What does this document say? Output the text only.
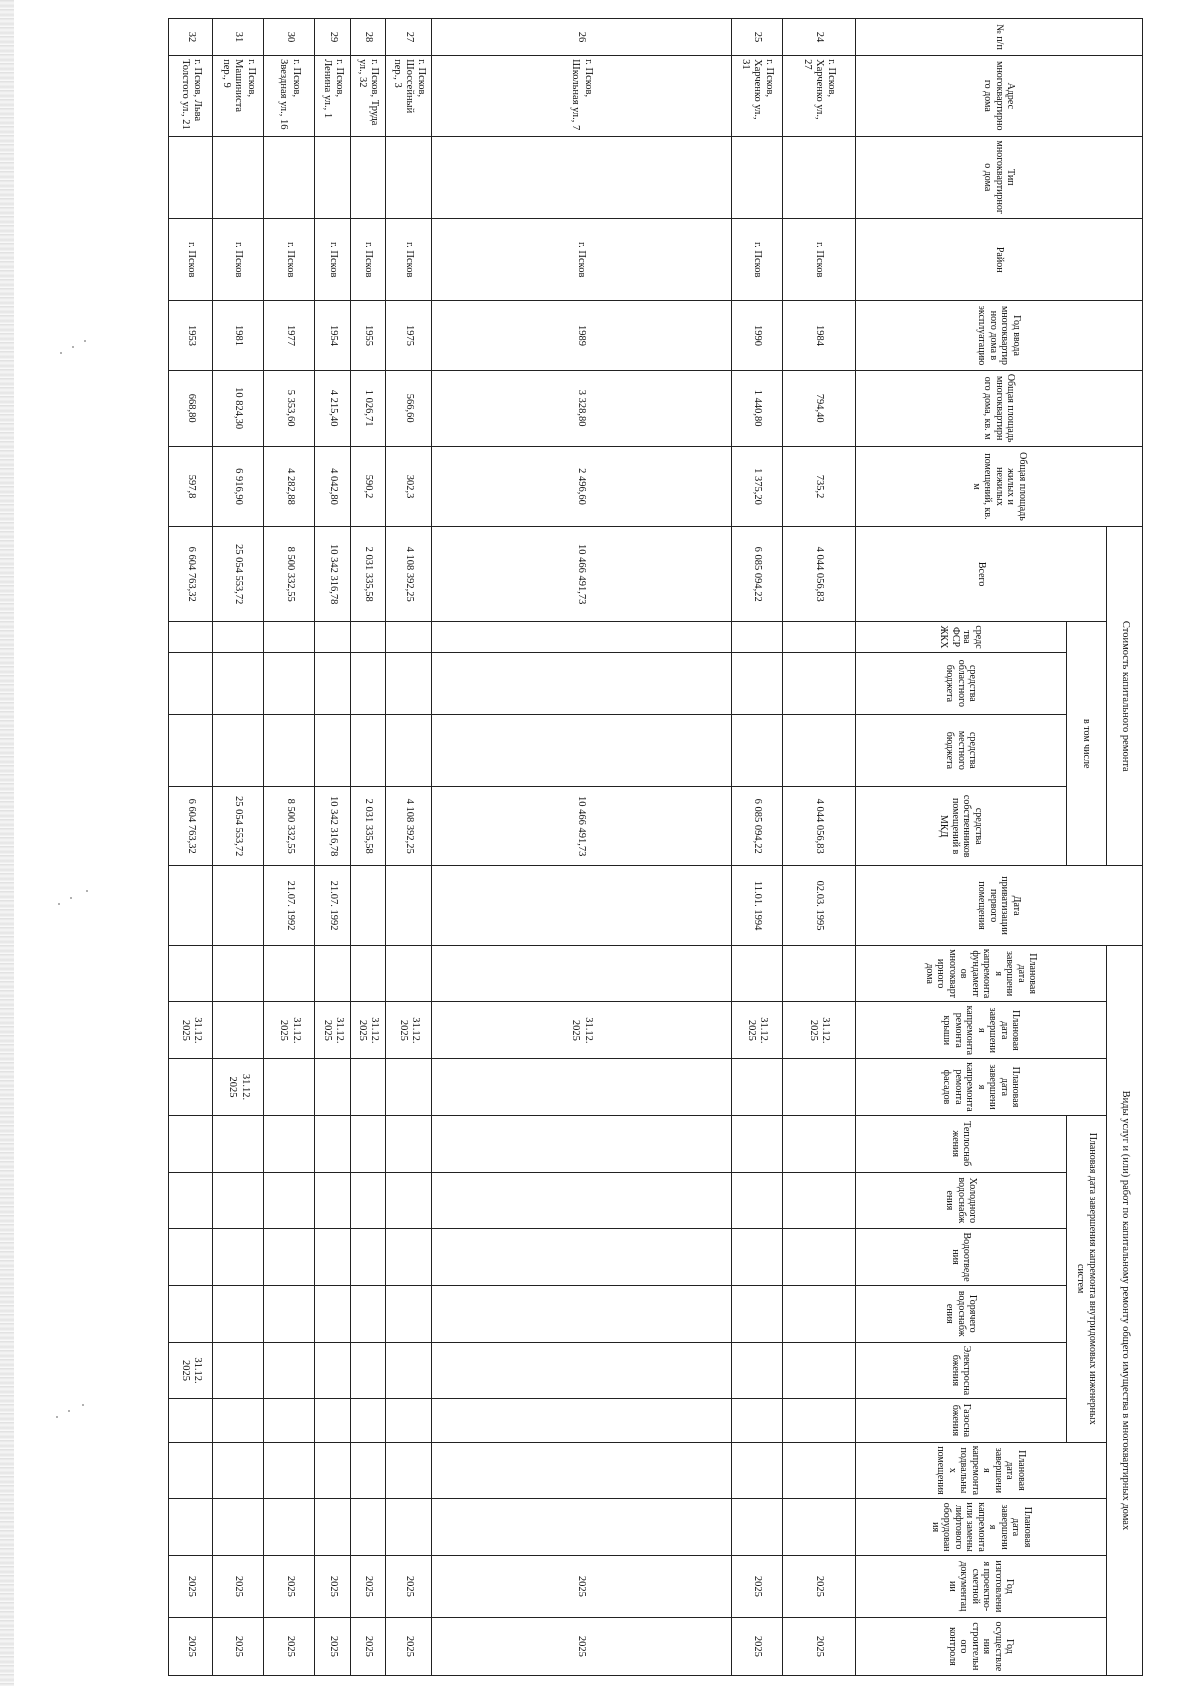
№ п/п	Адрес многоквартирного дома	Тип многоквартирного дома	Район	Год ввода многоквартирного дома в эксплуатацию	Общая площадь многоквартирного дома, кв. м	Общая площадь жилых и нежилых помещений, кв. м	Стоимость капитального ремонта					Дата приватизации первого помещения	Виды услуг и (или) работ по капитальному ремонту общего имущества в многоквартирных домах												
							Всего	в том числе					Плановая дата завершения капремонта фундаментов многоквартирного дома	Плановая дата завершения капремонта ремонта крыши	Плановая дата завершения капремонта ремонта фасадов	Плановая дата завершения капремонта внутридомовых инженерных систем						Плановая дата завершения капремонта подвальных помещения	Плановая дата завершения капремонта или замены лифтового оборудования	Год изготовления проектно-сметной документации	Год осуществления строительного контроля
								средства ФСР ЖКХ	средства областного бюджета	средства местного бюджета	средства собственников помещений в МКД					Теплоснабжения	Холодного водоснабжения	Водоотведения	Горячего водоснабжения	Электроснабжения	Газоснабжения				
24	г. Псков, Харченко ул., 27		г. Псков	1984	794,40	735,2	4 044 056,83				4 044 056,83	02.03. 1995		31.12. 2025										2025	2025
25	г. Псков, Харченко ул., 31		г. Псков	1990	1 440,80	1 375,20	6 085 094,22				6 085 094,22	11.01. 1994		31.12. 2025										2025	2025
26	г. Псков, Школьная ул., 7		г. Псков	1989	3 328,80	2 496,60	10 466 491,73				10 466 491,73			31.12. 2025										2025	2025
27	г. Псков, Шоссейный пер., 3		г. Псков	1975	566,60	302,3	4 108 392,25				4 108 392,25			31.12. 2025										2025	2025
28	г. Псков, Труда ул., 32		г. Псков	1955	1 026,71	590,2	2 031 335,58				2 031 335,58			31.12. 2025										2025	2025
29	г. Псков, Ленина ул., 1		г. Псков	1954	4 215,40	4 042,80	10 342 316,78				10 342 316,78	21.07. 1992		31.12. 2025										2025	2025
30	г. Псков, Звездная ул., 16		г. Псков	1977	5 353,60	4 282,88	8 500 332,55				8 500 332,55	21.07. 1992		31.12. 2025										2025	2025
31	г. Псков, Машиниста пер., 9		г. Псков	1981	10 824,30	6 916,90	25 054 553,72				25 054 553,72				31.12. 2025									2025	2025
32	г. Псков, Льва Толстого ул., 21		г. Псков	1953	668,80	597,8	6 604 763,32				6 604 763,32			31.12. 2025						31.12. 2025				2025	2025
